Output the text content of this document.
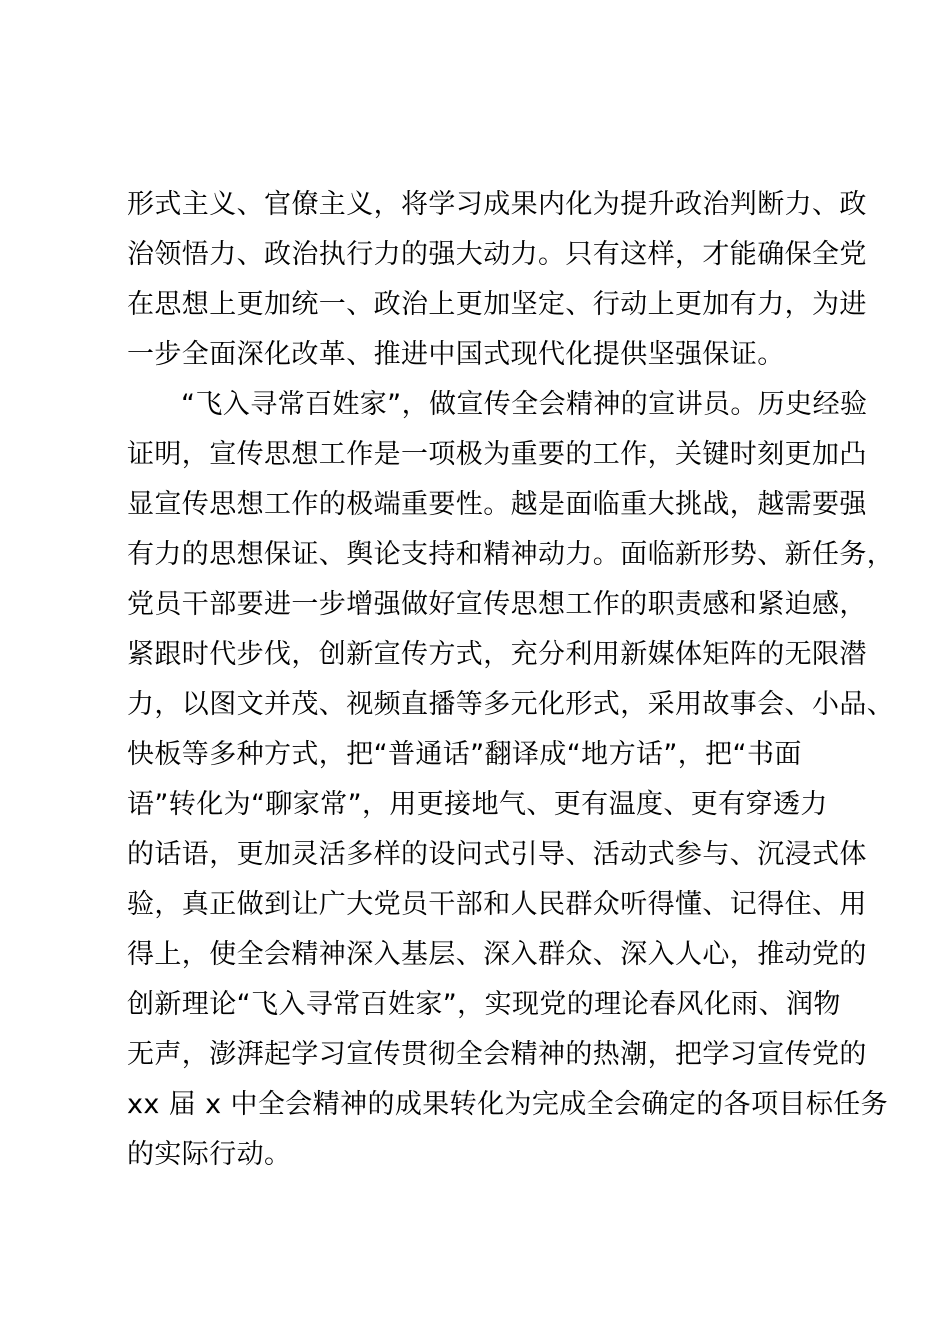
形式主义、官僚主义，将学习成果内化为提升政治判断力、政
治领悟力、政治执行力的强大动力。只有这样，才能确保全党
在思想上更加统一、政治上更加坚定、行动上更加有力，为进
一步全面深化改革、推进中国式现代化提供坚强保证。
“飞入寻常百姓家”，做宣传全会精神的宣讲员。历史经验
证明，宣传思想工作是一项极为重要的工作，关键时刻更加凸
显宣传思想工作的极端重要性。越是面临重大挑战，越需要强
有力的思想保证、舆论支持和精神动力。面临新形势、新任务，
党员干部要进一步增强做好宣传思想工作的职责感和紧迫感，
紧跟时代步伐，创新宣传方式，充分利用新媒体矩阵的无限潜
力，以图文并茂、视频直播等多元化形式，采用故事会、小品、
快板等多种方式，把“普通话”翻译成“地方话”，把“书面
语”转化为“聊家常”，用更接地气、更有温度、更有穿透力
的话语，更加灵活多样的设问式引导、活动式参与、沉浸式体
验，真正做到让广大党员干部和人民群众听得懂、记得住、用
得上，使全会精神深入基层、深入群众、深入人心，推动党的
创新理论“飞入寻常百姓家”，实现党的理论春风化雨、润物
无声，澎湃起学习宣传贯彻全会精神的热潮，把学习宣传党的
xx 届 x 中全会精神的成果转化为完成全会确定的各项目标任务
的实际行动。
